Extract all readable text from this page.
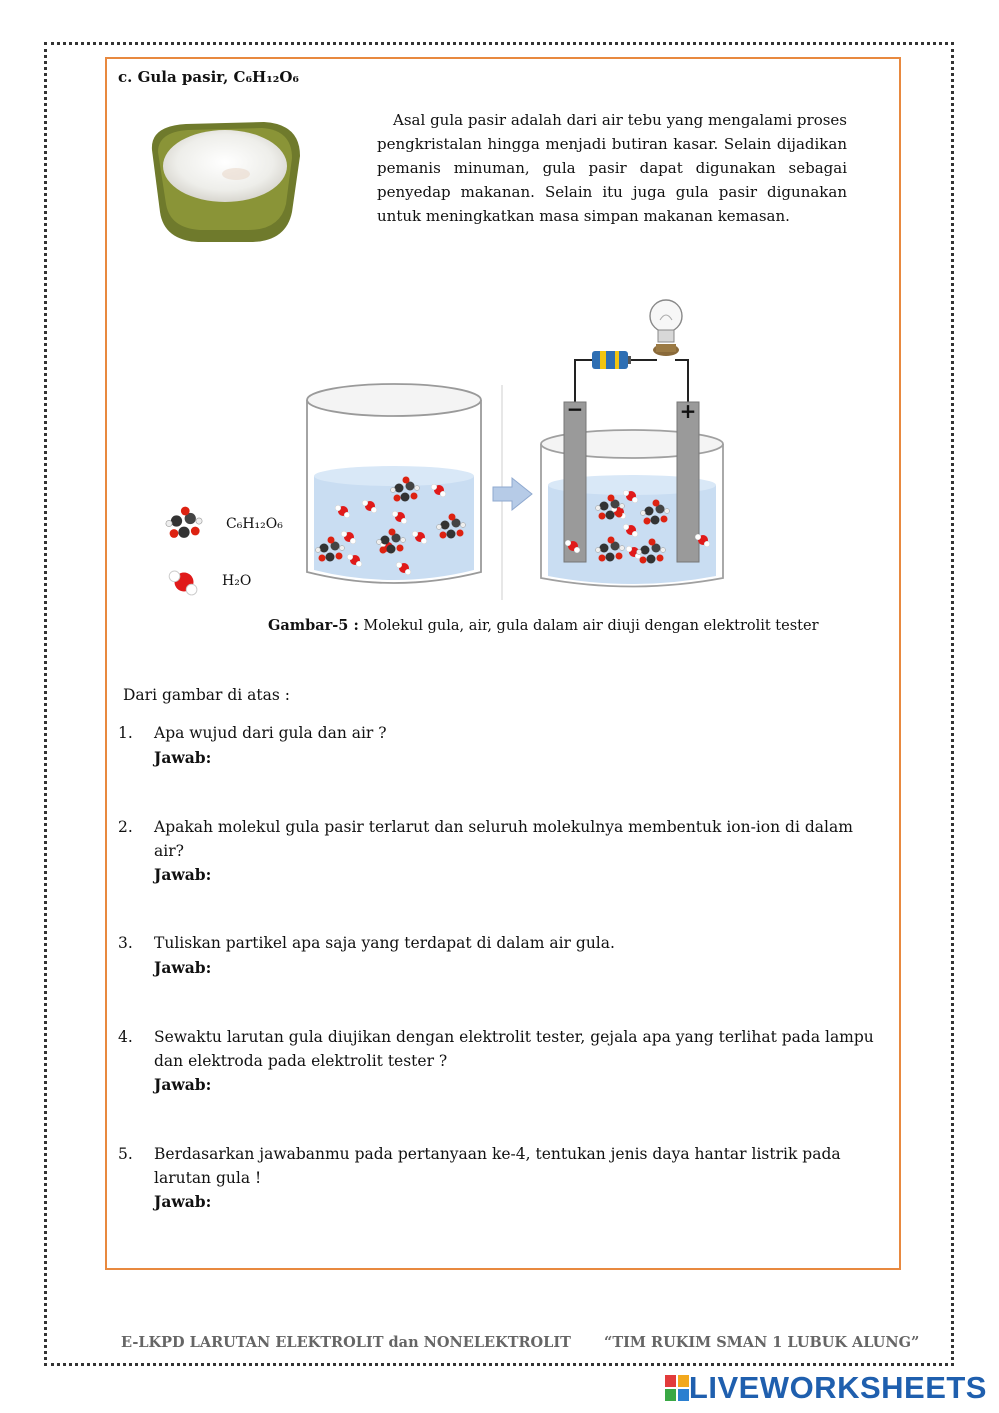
c. Gula pasir, C₆H₁₂O₆
Asal gula pasir adalah dari air tebu yang mengalami proses pengkristalan hingga menjadi butiran kasar. Selain dijadikan pemanis minuman, gula pasir dapat digunakan sebagai penyedap makanan. Selain itu juga gula pasir digunakan untuk meningkatkan masa simpan makanan kemasan.
−	+
C₆H₁₂O₆
H₂O
Gambar-5 : Molekul gula, air, gula dalam air diuji dengan elektrolit tester
Dari gambar di atas :
1.	Apa wujud dari gula dan air ?
Jawab:
2.	Apakah molekul gula pasir terlarut dan seluruh molekulnya membentuk ion-ion di dalam air?
Jawab:
3.	Tuliskan partikel apa saja yang terdapat di dalam air gula.
Jawab:
4.	Sewaktu larutan gula diujikan dengan elektrolit tester, gejala apa yang terlihat pada lampu dan elektroda pada elektrolit tester ?
Jawab:
5.	Berdasarkan jawabanmu pada pertanyaan ke-4, tentukan jenis daya hantar listrik pada larutan gula !
Jawab:
E-LKPD LARUTAN ELEKTROLIT dan NONELEKTROLIT “TIM RUKIM SMAN 1 LUBUK ALUNG”
LIVEWORKSHEETS
